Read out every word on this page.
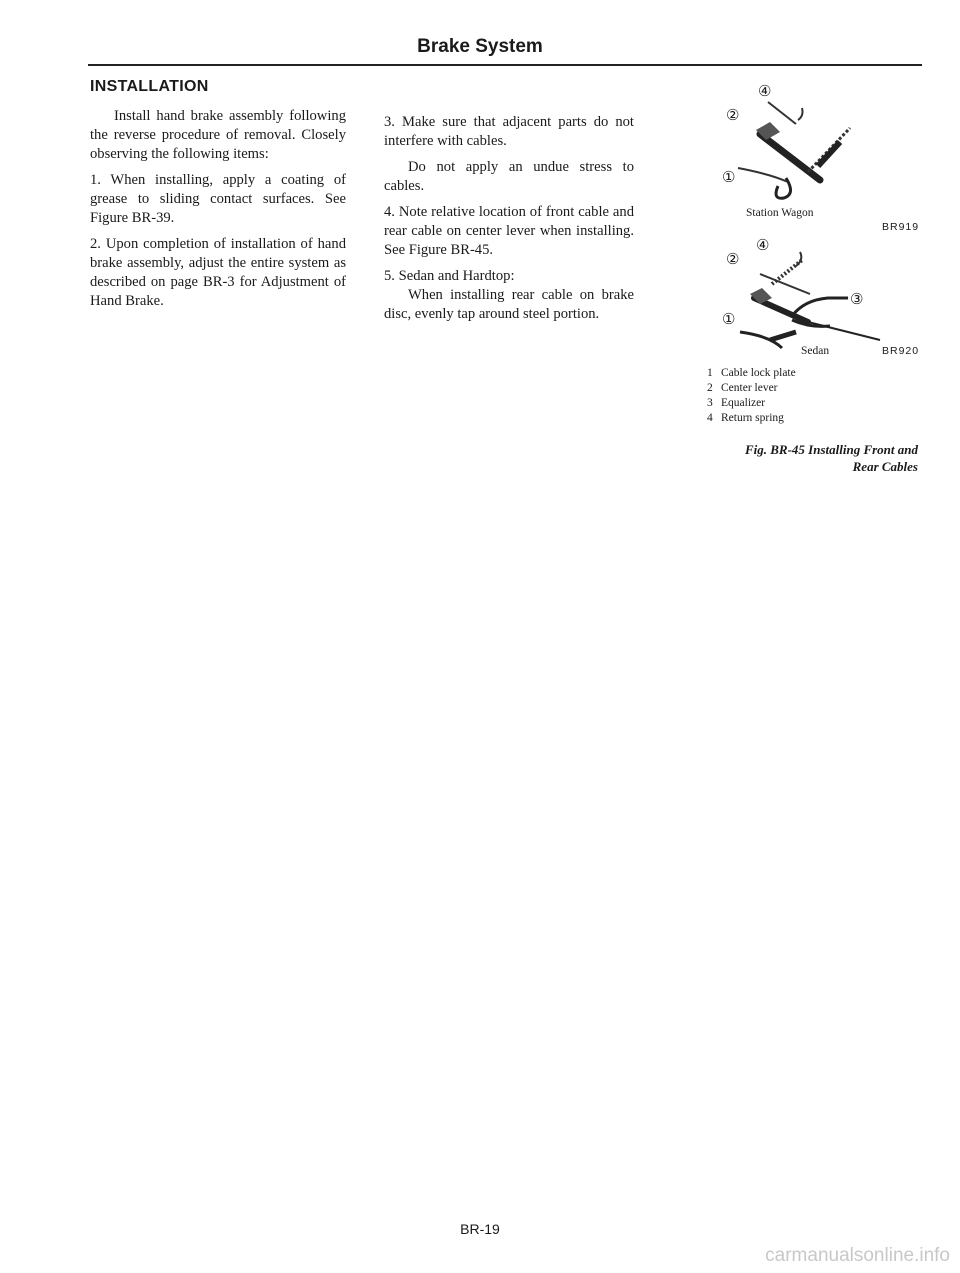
Brake System
INSTALLATION

Install hand brake assembly following the reverse procedure of removal. Closely observing the following items:

1. When installing, apply a coating of grease to sliding contact surfaces. See Figure BR-39.

2. Upon completion of installation of hand brake assembly, adjust the entire system as described on page BR-3 for Adjustment of Hand Brake.

3. Make sure that adjacent parts do not interfere with cables.

Do not apply an undue stress to cables.

4. Note relative location of front cable and rear cable on center lever when installing. See Figure BR-45.

5. Sedan and Hardtop:

When installing rear cable on brake disc, evenly tap around steel portion.

④
②
①
Station Wagon
BR919
④
②
③
①
Sedan	BR920
1 Cable lock plate
2 Center lever
3 Equalizer
4 Return spring
Fig. BR-45 Installing Front and
Rear Cables
BR-19
carmanualsonline.info
